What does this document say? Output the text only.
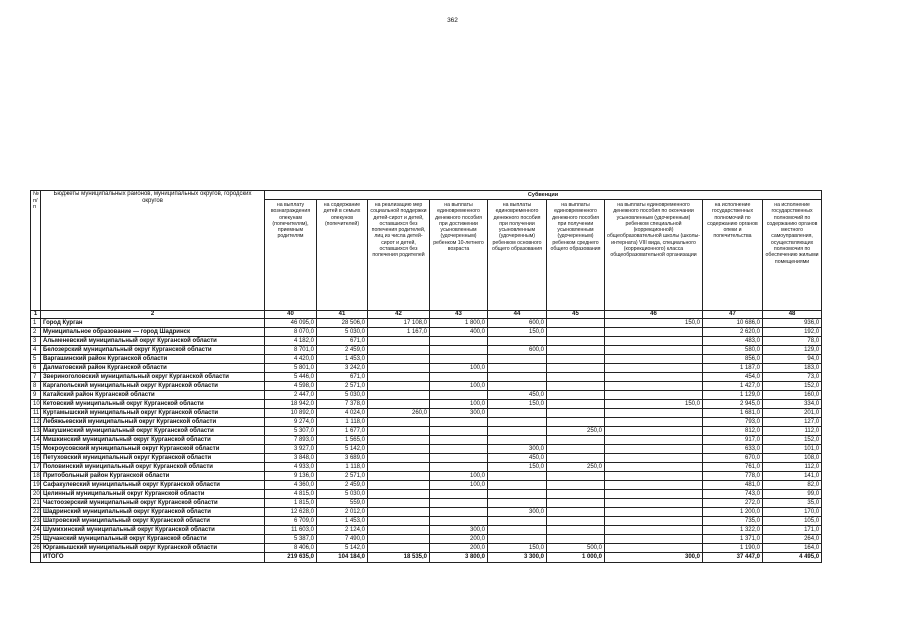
362
№ п/п	Бюджеты муниципальных районов, муниципальных округов, городских округов	Субвенции								
		на выплату вознаграждения опекунам (попечителям), приемным родителям	на содержание детей в семьях опекунов (попечителей)	на реализацию мер социальной поддержки детей-сирот и детей, оставшихся без попечения родителей, лиц из числа детей-сирот и детей, оставшихся без попечения родителей	на выплаты единовременного денежного пособия при достижении усыновленным (удочеренным) ребенком 10-летнего возраста	на выплаты единовременного денежного пособия при получении усыновленным (удочеренным) ребенком основного общего образования	на выплаты единовременного денежного пособия при получении усыновленным (удочеренным) ребенком среднего общего образования	на выплаты единовременного денежного пособия по окончании усыновленным (удочеренным) ребенком специальной (коррекционной) общеобразовательной школы (школы-интерната) VIII вида, специального (коррекционного) класса общеобразовательной организации	на исполнение государственных полномочий по содержанию органов опеки и попечительства	на исполнение государственных полномочий по содержанию органов местного самоуправления, осуществляющих полномочия по обеспечению жилыми помещениями
1	2	40	41	42	43	44	45	46	47	48
1	Город Курган	46 095,0	28 506,0	17 108,0	1 800,0	600,0		150,0	10 686,0	936,0
2	Муниципальное образование — город Шадринск	8 070,0	5 030,0	1 167,0	400,0	150,0			2 620,0	192,0
3	Альменевский муниципальный округ Курганской области	4 182,0	671,0						483,0	78,0
4	Белозерский муниципальный округ Курганской области	8 701,0	2 459,0			600,0			580,0	129,0
5	Варгашинский район Курганской области	4 420,0	1 453,0						856,0	94,0
6	Далматовский район Курганской области	5 801,0	3 242,0		100,0				1 187,0	183,0
7	Звериноголовский муниципальный округ Курганской области	5 446,0	671,0						454,0	73,0
8	Каргапольский муниципальный округ Курганской области	4 598,0	2 571,0		100,0				1 427,0	152,0
9	Катайский район Курганской области	2 447,0	5 030,0			450,0			1 129,0	160,0
10	Кетовский муниципальный округ Курганской области	18 942,0	7 378,0		100,0	150,0		150,0	2 945,0	334,0
11	Куртамышский муниципальный округ Курганской области	10 892,0	4 024,0	260,0	300,0				1 681,0	201,0
12	Лебяжьевский муниципальный округ Курганской области	9 274,0	1 118,0						793,0	127,0
13	Макушинский муниципальный округ Курганской области	5 307,0	1 677,0				250,0		812,0	112,0
14	Мишкинский муниципальный округ Курганской области	7 893,0	1 565,0						917,0	152,0
15	Мокроусовский муниципальный округ Курганской области	3 927,0	5 142,0			300,0			633,0	101,0
16	Петуховский муниципальный округ Курганской области	3 848,0	3 689,0			450,0			670,0	108,0
17	Половинский муниципальный округ Курганской области	4 933,0	1 118,0			150,0	250,0		761,0	112,0
18	Притобольный район Курганской области	9 136,0	2 571,0		100,0				778,0	141,0
19	Сафакулевский муниципальный округ Курганской области	4 360,0	2 459,0		100,0				481,0	82,0
20	Целинный муниципальный округ Курганской области	4 815,0	5 030,0						743,0	99,0
21	Частоозерский муниципальный округ Курганской области	1 815,0	559,0						272,0	35,0
22	Шадринский муниципальный округ Курганской области	12 628,0	2 012,0			300,0			1 200,0	170,0
23	Шатровский муниципальный округ Курганской области	6 709,0	1 453,0						735,0	105,0
24	Шумихинский муниципальный округ Курганской области	11 603,0	2 124,0		300,0				1 322,0	171,0
25	Щучанский муниципальный округ Курганской области	5 387,0	7 490,0		200,0				1 371,0	264,0
26	Юргамышский муниципальный округ Курганской области	8 406,0	5 142,0		200,0	150,0	500,0		1 190,0	164,0
	ИТОГО	219 635,0	104 184,0	18 535,0	3 800,0	3 300,0	1 000,0	300,0	37 447,0	4 495,0
